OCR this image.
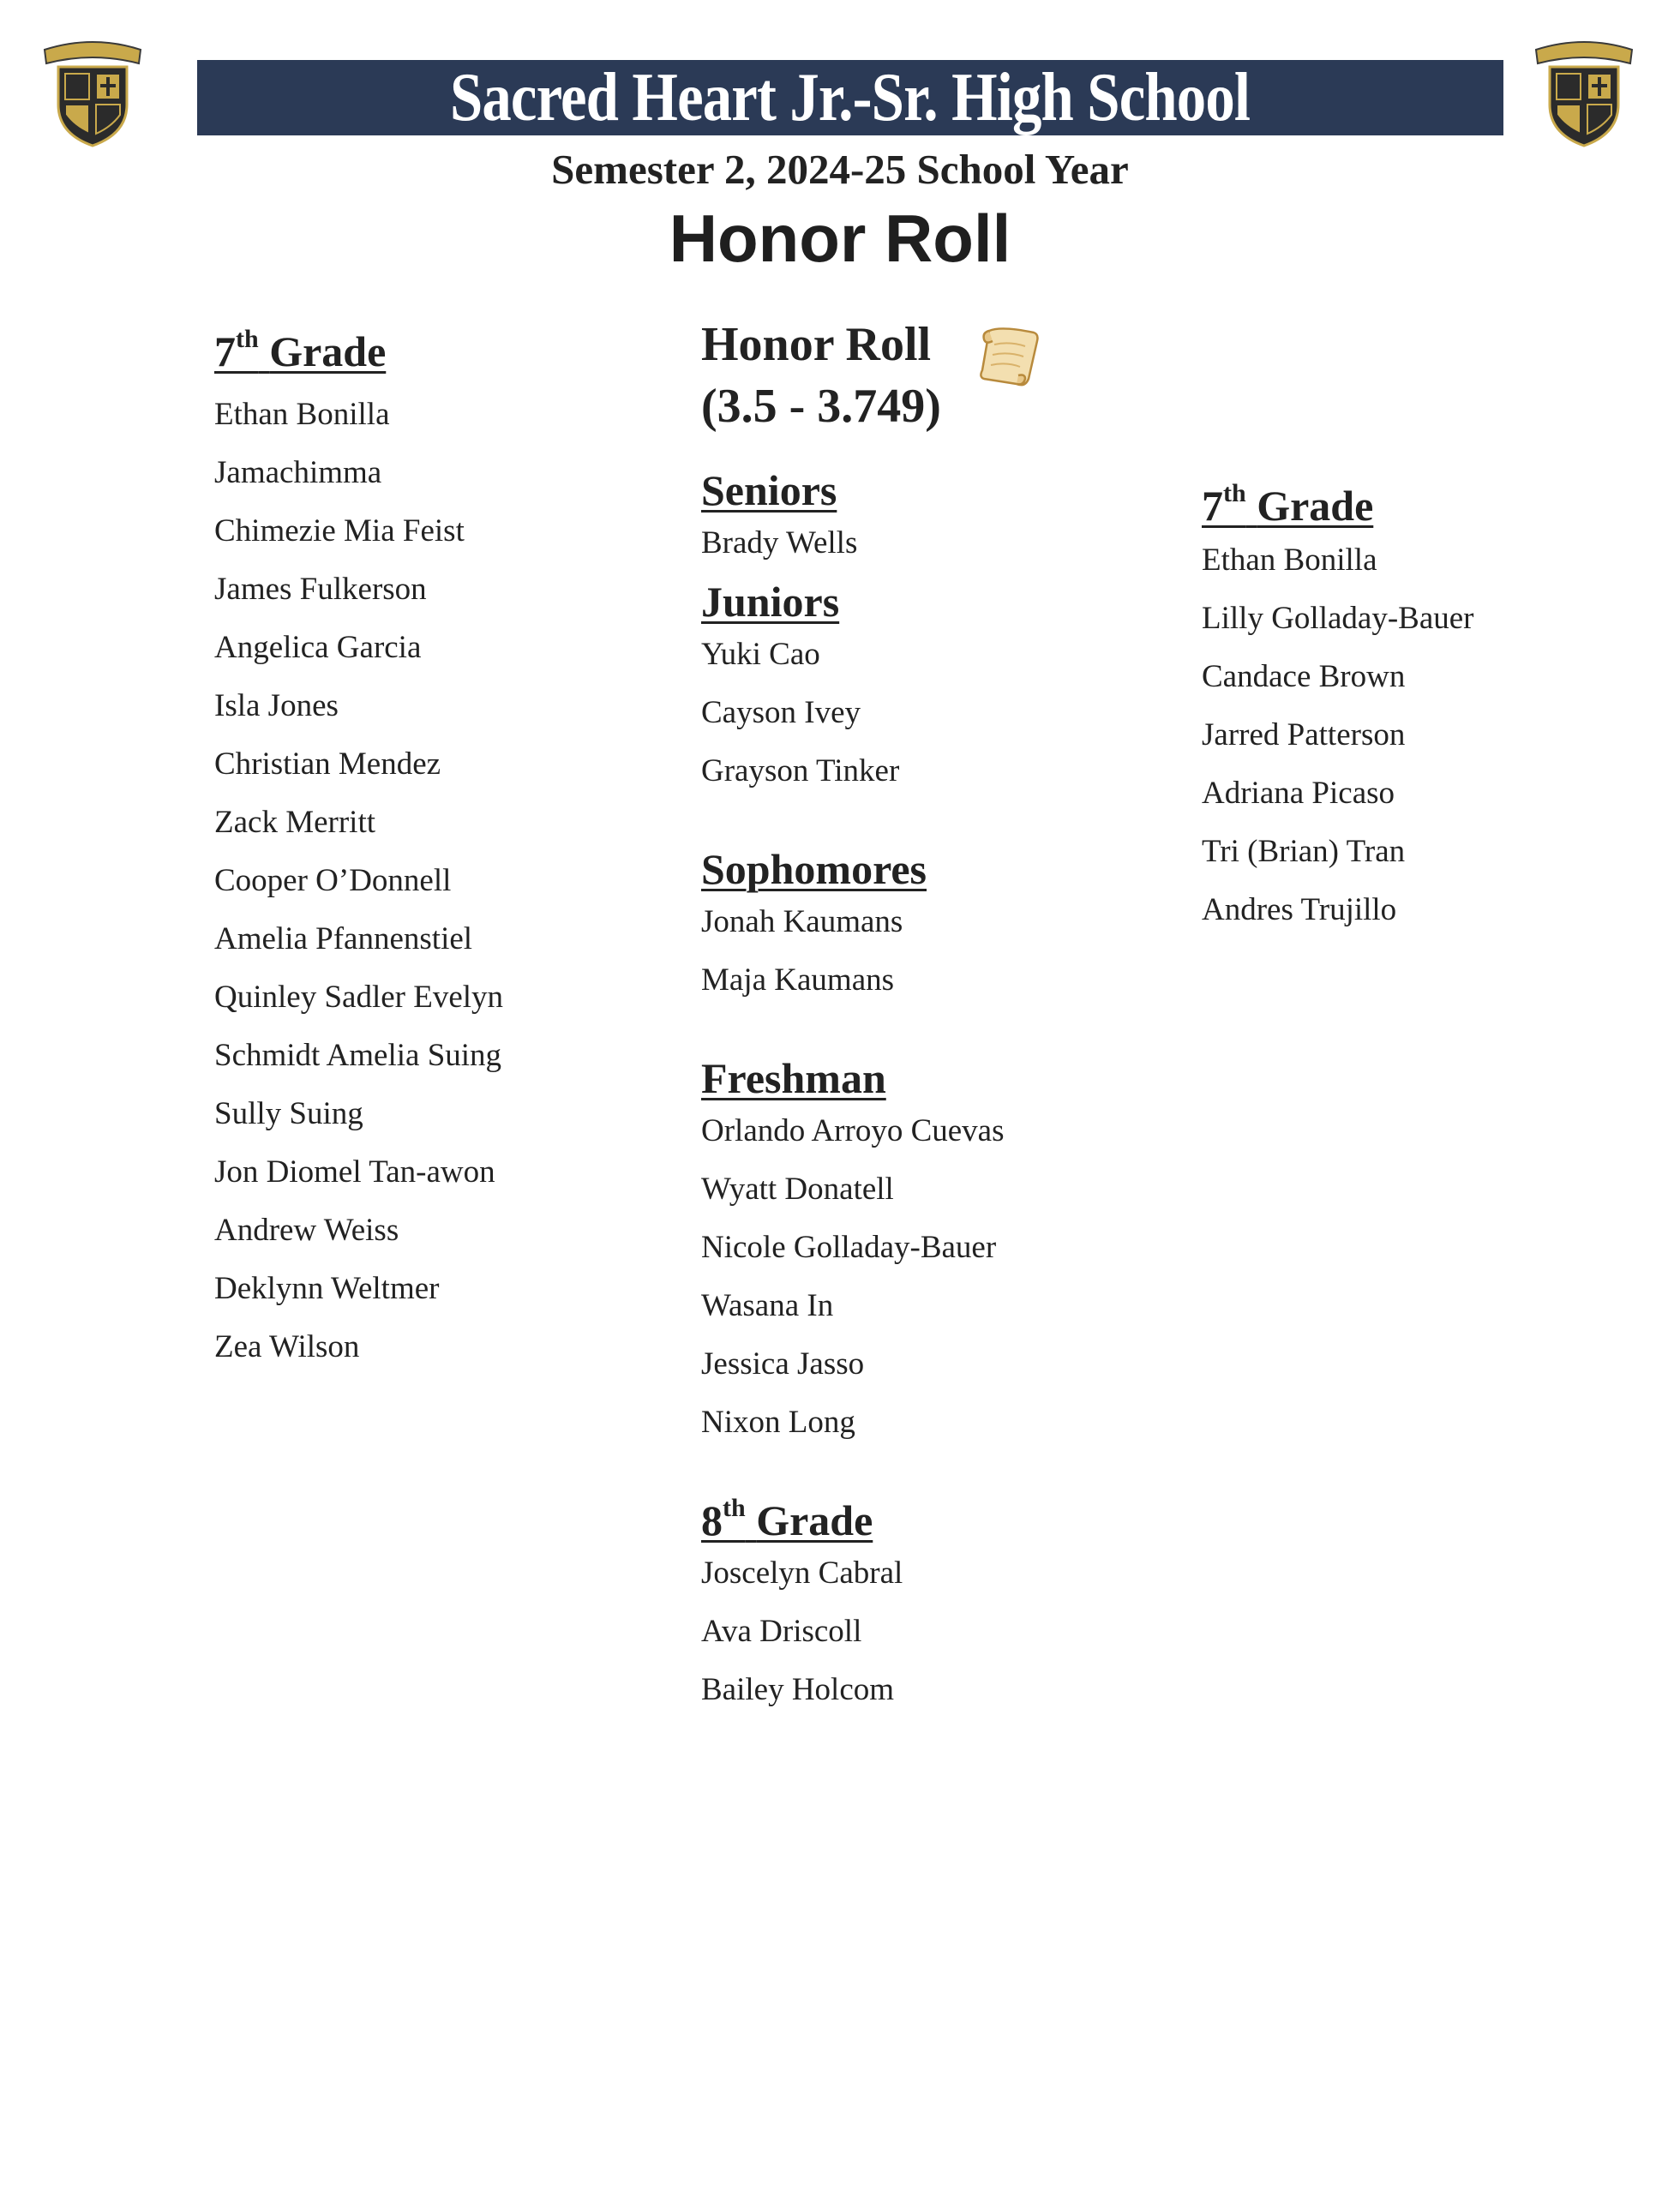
Sacred Heart Jr.-Sr. High School
Semester 2, 2024-25 School Year
Honor Roll
7th Grade
Ethan Bonilla
Jamachimma
Chimezie Mia Feist
James Fulkerson
Angelica Garcia
Isla Jones
Christian Mendez
Zack Merritt
Cooper O’Donnell
Amelia Pfannenstiel
Quinley Sadler Evelyn
Schmidt Amelia Suing
Sully Suing
Jon Diomel Tan-awon
Andrew Weiss
Deklynn Weltmer
Zea Wilson
Honor Roll
(3.5 - 3.749)
Seniors
Brady Wells
Juniors
Yuki Cao
Cayson Ivey
Grayson Tinker
Sophomores
Jonah Kaumans
Maja Kaumans
Freshman
Orlando Arroyo Cuevas
Wyatt Donatell
Nicole Golladay-Bauer
Wasana In
Jessica Jasso
Nixon Long
8th Grade
Joscelyn Cabral
Ava Driscoll
Bailey Holcom
7th Grade
Ethan Bonilla
Lilly Golladay-Bauer
Candace Brown
Jarred Patterson
Adriana Picaso
Tri (Brian) Tran
Andres Trujillo
